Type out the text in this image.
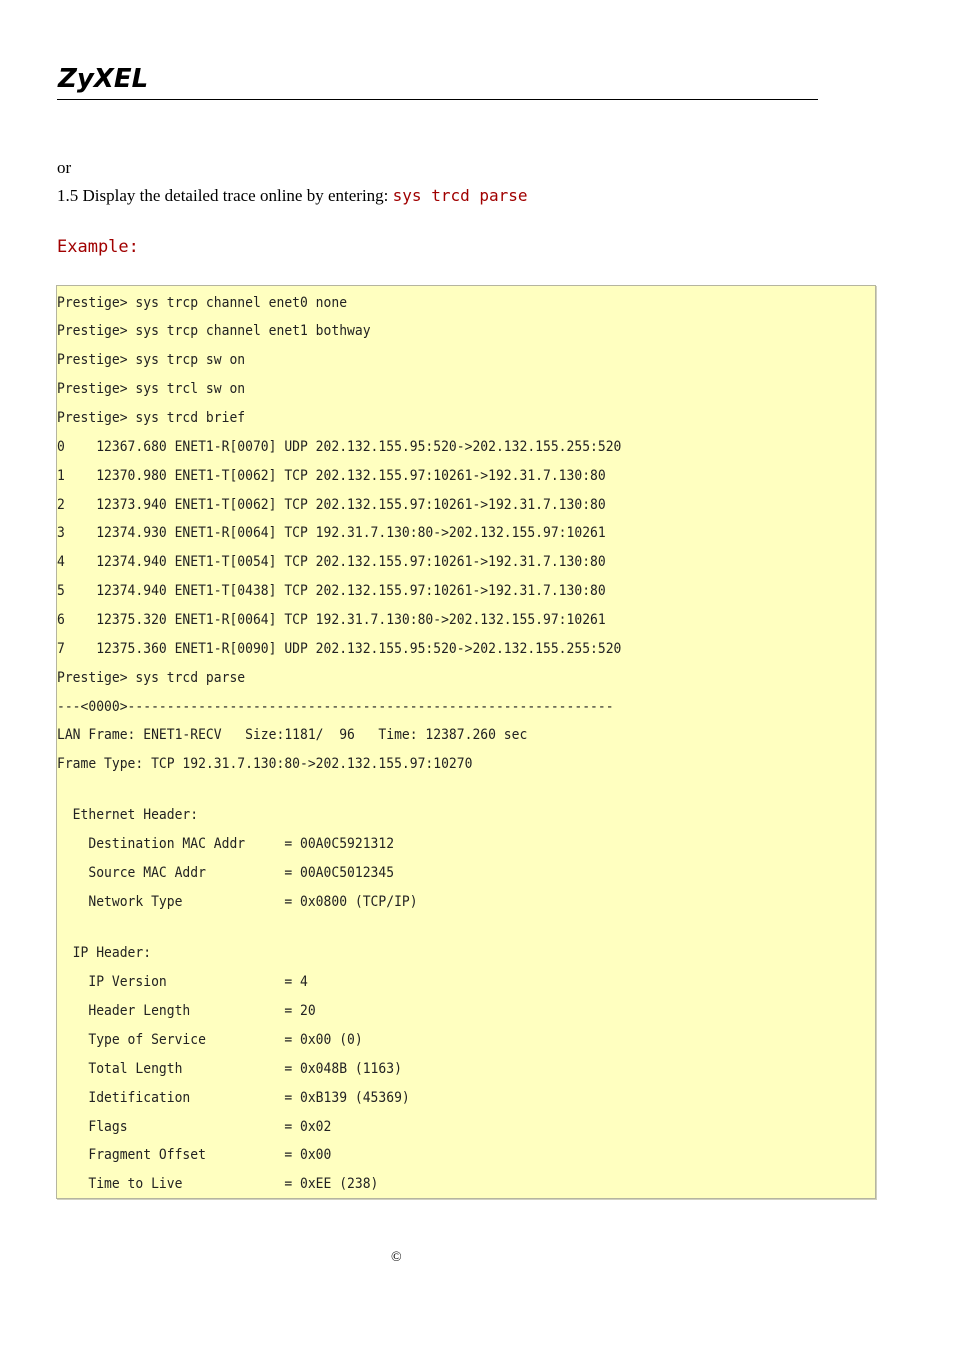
ZyXEL
or
1.5 Display the detailed trace online by entering: sys trcd parse
Example:
Prestige> sys trcp channel enet0 none
Prestige> sys trcp channel enet1 bothway
Prestige> sys trcp sw on
Prestige> sys trcl sw on
Prestige> sys trcd brief
0    12367.680 ENET1-R[0070] UDP 202.132.155.95:520->202.132.155.255:520
1    12370.980 ENET1-T[0062] TCP 202.132.155.97:10261->192.31.7.130:80
2    12373.940 ENET1-T[0062] TCP 202.132.155.97:10261->192.31.7.130:80
3    12374.930 ENET1-R[0064] TCP 192.31.7.130:80->202.132.155.97:10261
4    12374.940 ENET1-T[0054] TCP 202.132.155.97:10261->192.31.7.130:80
5    12374.940 ENET1-T[0438] TCP 202.132.155.97:10261->192.31.7.130:80
6    12375.320 ENET1-R[0064] TCP 192.31.7.130:80->202.132.155.97:10261
7    12375.360 ENET1-R[0090] UDP 202.132.155.95:520->202.132.155.255:520
Prestige> sys trcd parse
---<0000>--------------------------------------------------------------
LAN Frame: ENET1-RECV   Size:1181/  96   Time: 12387.260 sec
Frame Type: TCP 192.31.7.130:80->202.132.155.97:10270
Ethernet Header:
Destination MAC Addr     = 00A0C5921312
Source MAC Addr          = 00A0C5012345
Network Type             = 0x0800 (TCP/IP)
IP Header:
IP Version               = 4
Header Length            = 20
Type of Service          = 0x00 (0)
Total Length             = 0x048B (1163)
Idetification            = 0xB139 (45369)
Flags                    = 0x02
Fragment Offset          = 0x00
Time to Live             = 0xEE (238)
©
